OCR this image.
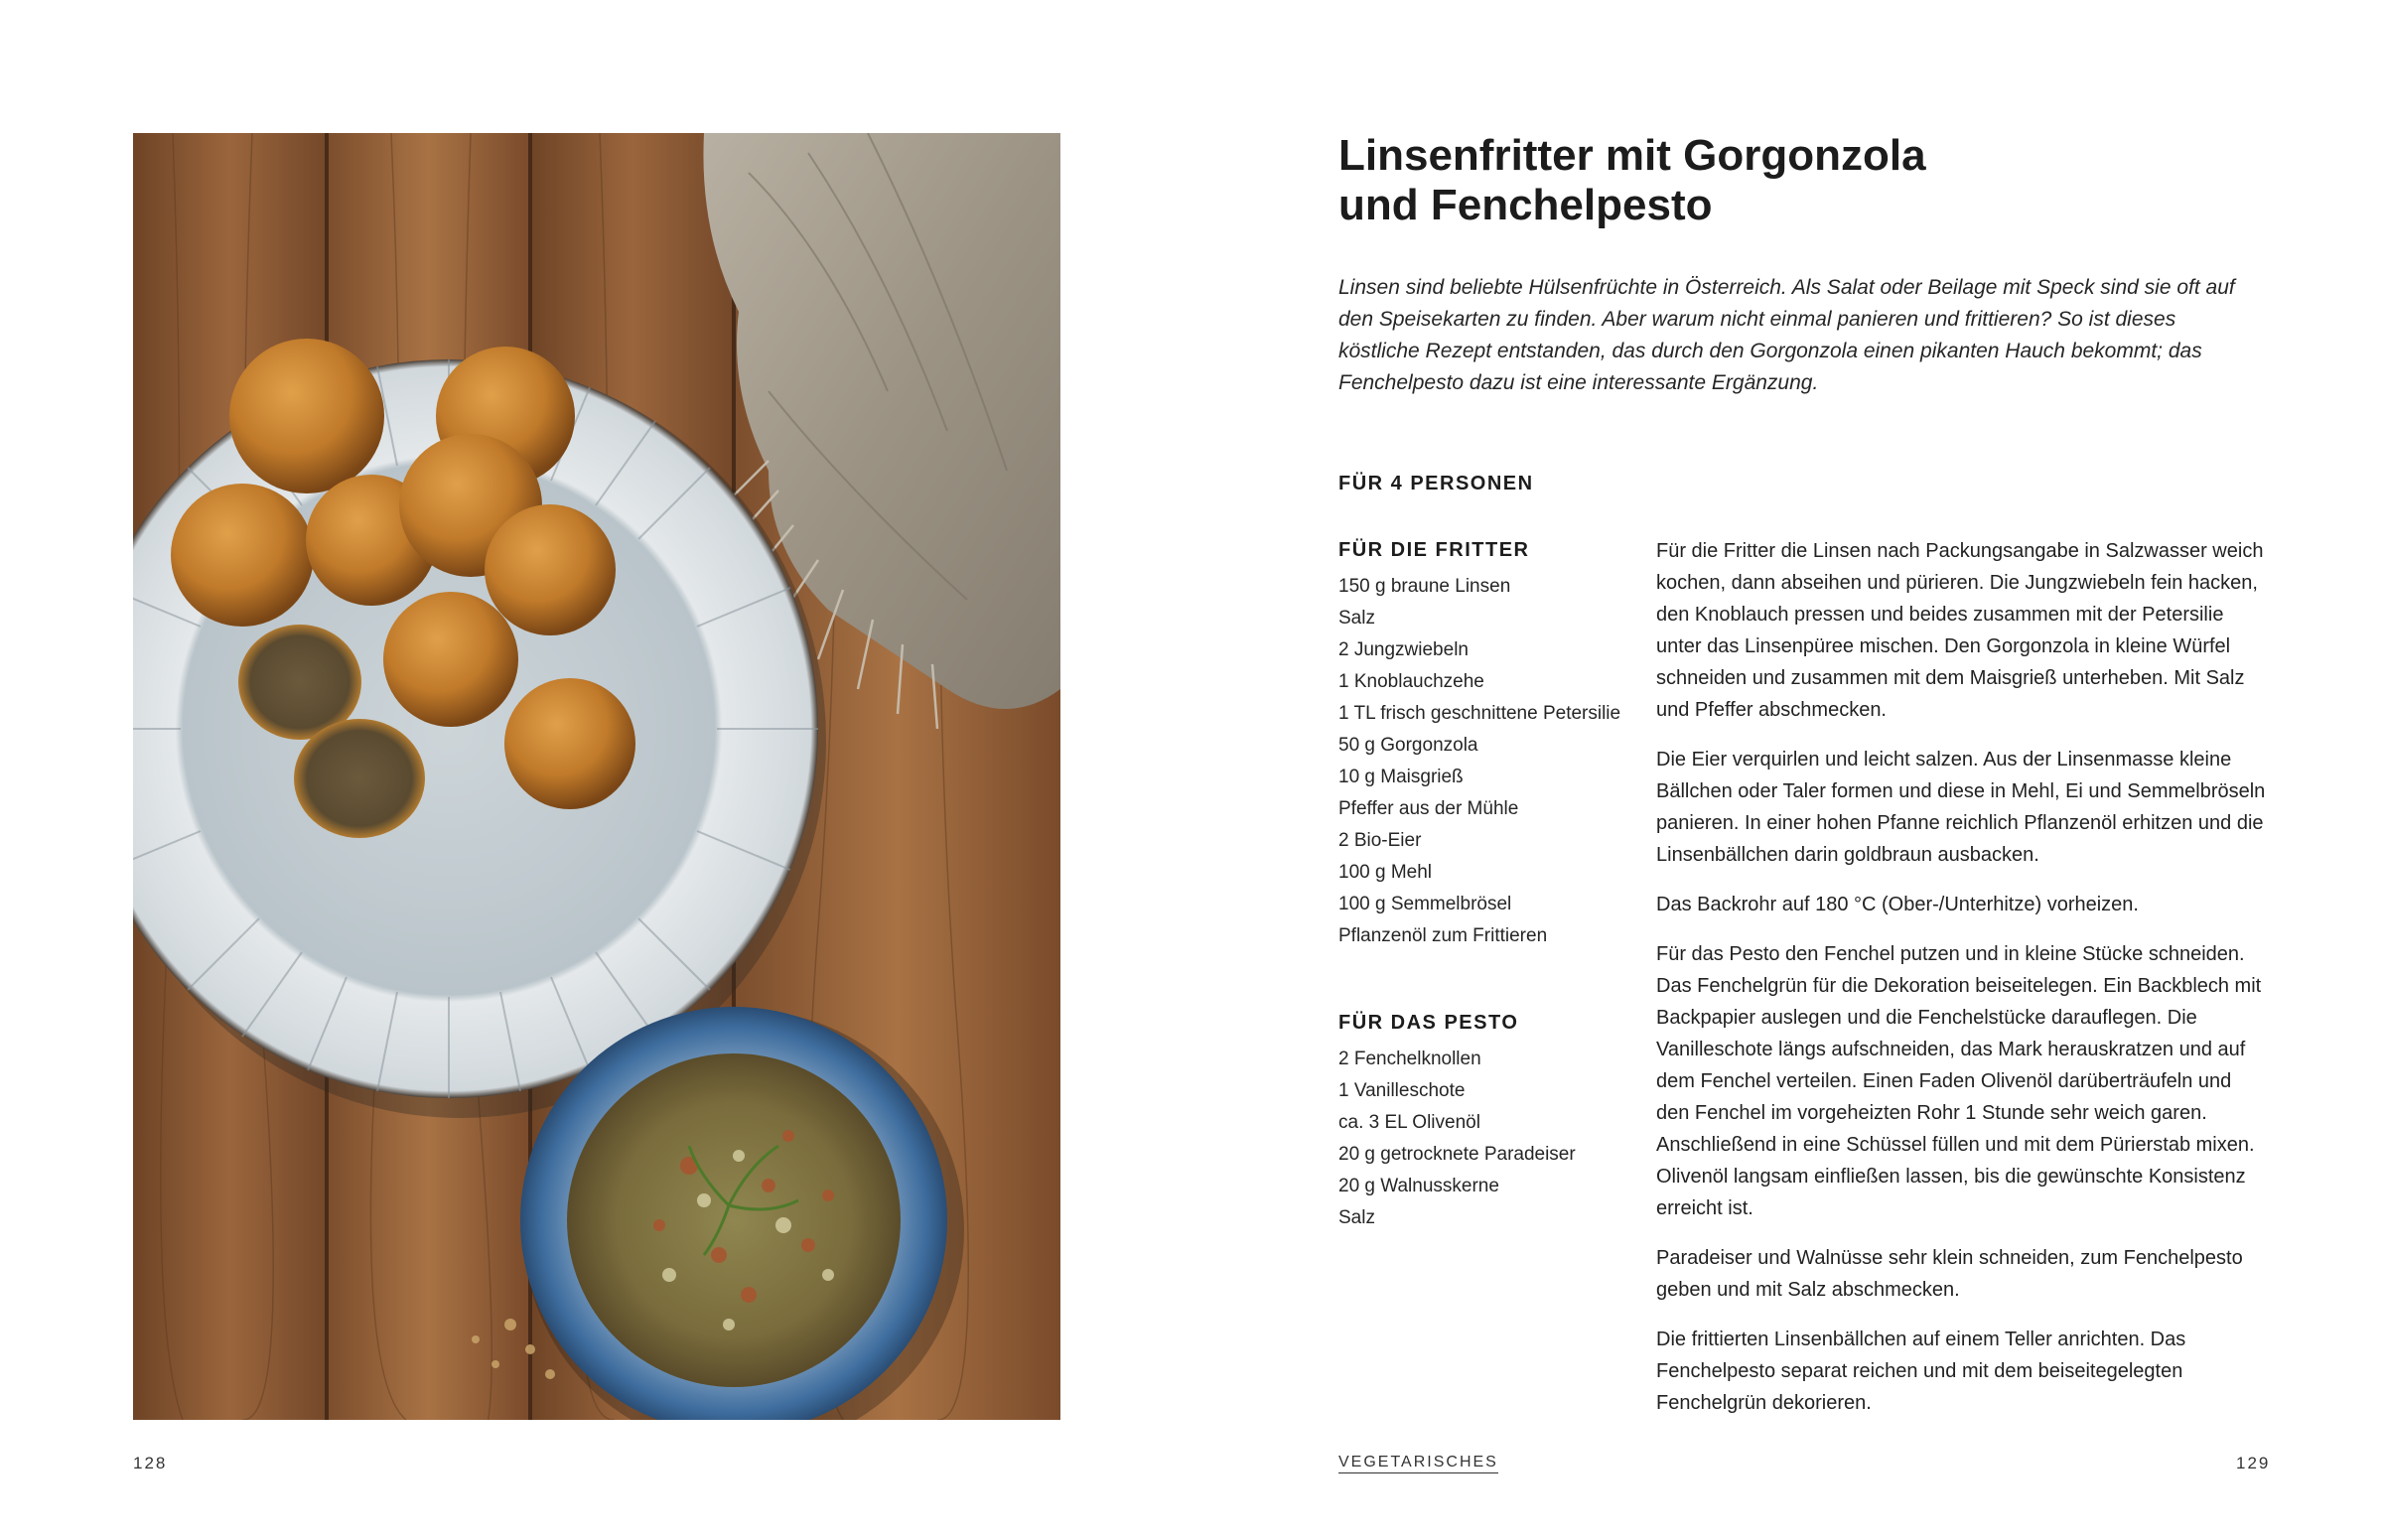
128
Linsenfritter mit Gorgonzola
und Fenchelpesto

Linsen sind beliebte Hülsenfrüchte in Österreich. Als Salat oder Beilage mit Speck sind sie oft auf den Speisekarten zu finden. Aber warum nicht einmal panieren und frittieren? So ist dieses köstliche Rezept entstanden, das durch den Gorgonzola einen pikanten Hauch bekommt; das Fenchelpesto dazu ist eine interessante Ergänzung.

FÜR 4 PERSONEN
FÜR DIE FRITTER
150 g braune Linsen
Salz
2 Jungzwiebeln
1 Knoblauchzehe
1 TL frisch geschnittene Petersilie
50 g Gorgonzola
10 g Maisgrieß
Pfeffer aus der Mühle
2 Bio-Eier
100 g Mehl
100 g Semmelbrösel
Pflanzenöl zum Frittieren
FÜR DAS PESTO
2 Fenchelknollen
1 Vanilleschote
ca. 3 EL Olivenöl
20 g getrocknete Paradeiser
20 g Walnusskerne
Salz

Für die Fritter die Linsen nach Packungsangabe in Salzwasser weich kochen, dann abseihen und pürieren. Die Jungzwiebeln fein hacken, den Knoblauch pressen und beides zusammen mit der Petersilie unter das Linsenpüree mischen. Den Gorgonzola in kleine Würfel schneiden und zusammen mit dem Maisgrieß unterheben. Mit Salz und Pfeffer abschmecken.

Die Eier verquirlen und leicht salzen. Aus der Linsenmasse kleine Bällchen oder Taler formen und diese in Mehl, Ei und Semmelbröseln panieren. In einer hohen Pfanne reichlich Pflanzenöl erhitzen und die Linsenbällchen darin goldbraun ausbacken.

Das Backrohr auf 180 °C (Ober-/Unterhitze) vorheizen.

Für das Pesto den Fenchel putzen und in kleine Stücke schneiden. Das Fenchelgrün für die Dekoration beiseitelegen. Ein Backblech mit Backpapier auslegen und die Fenchelstücke darauflegen. Die Vanilleschote längs aufschneiden, das Mark herauskratzen und auf dem Fenchel verteilen. Einen Faden Olivenöl darüberträufeln und den Fenchel im vorgeheizten Rohr 1 Stunde sehr weich garen. Anschließend in eine Schüssel füllen und mit dem Pürierstab mixen. Olivenöl langsam einfließen lassen, bis die gewünschte Konsistenz erreicht ist.

Paradeiser und Walnüsse sehr klein schneiden, zum Fenchelpesto geben und mit Salz abschmecken.

Die frittierten Linsenbällchen auf einem Teller anrichten. Das Fenchelpesto separat reichen und mit dem beiseitegelegten Fenchelgrün dekorieren.

VEGETARISCHES	129
